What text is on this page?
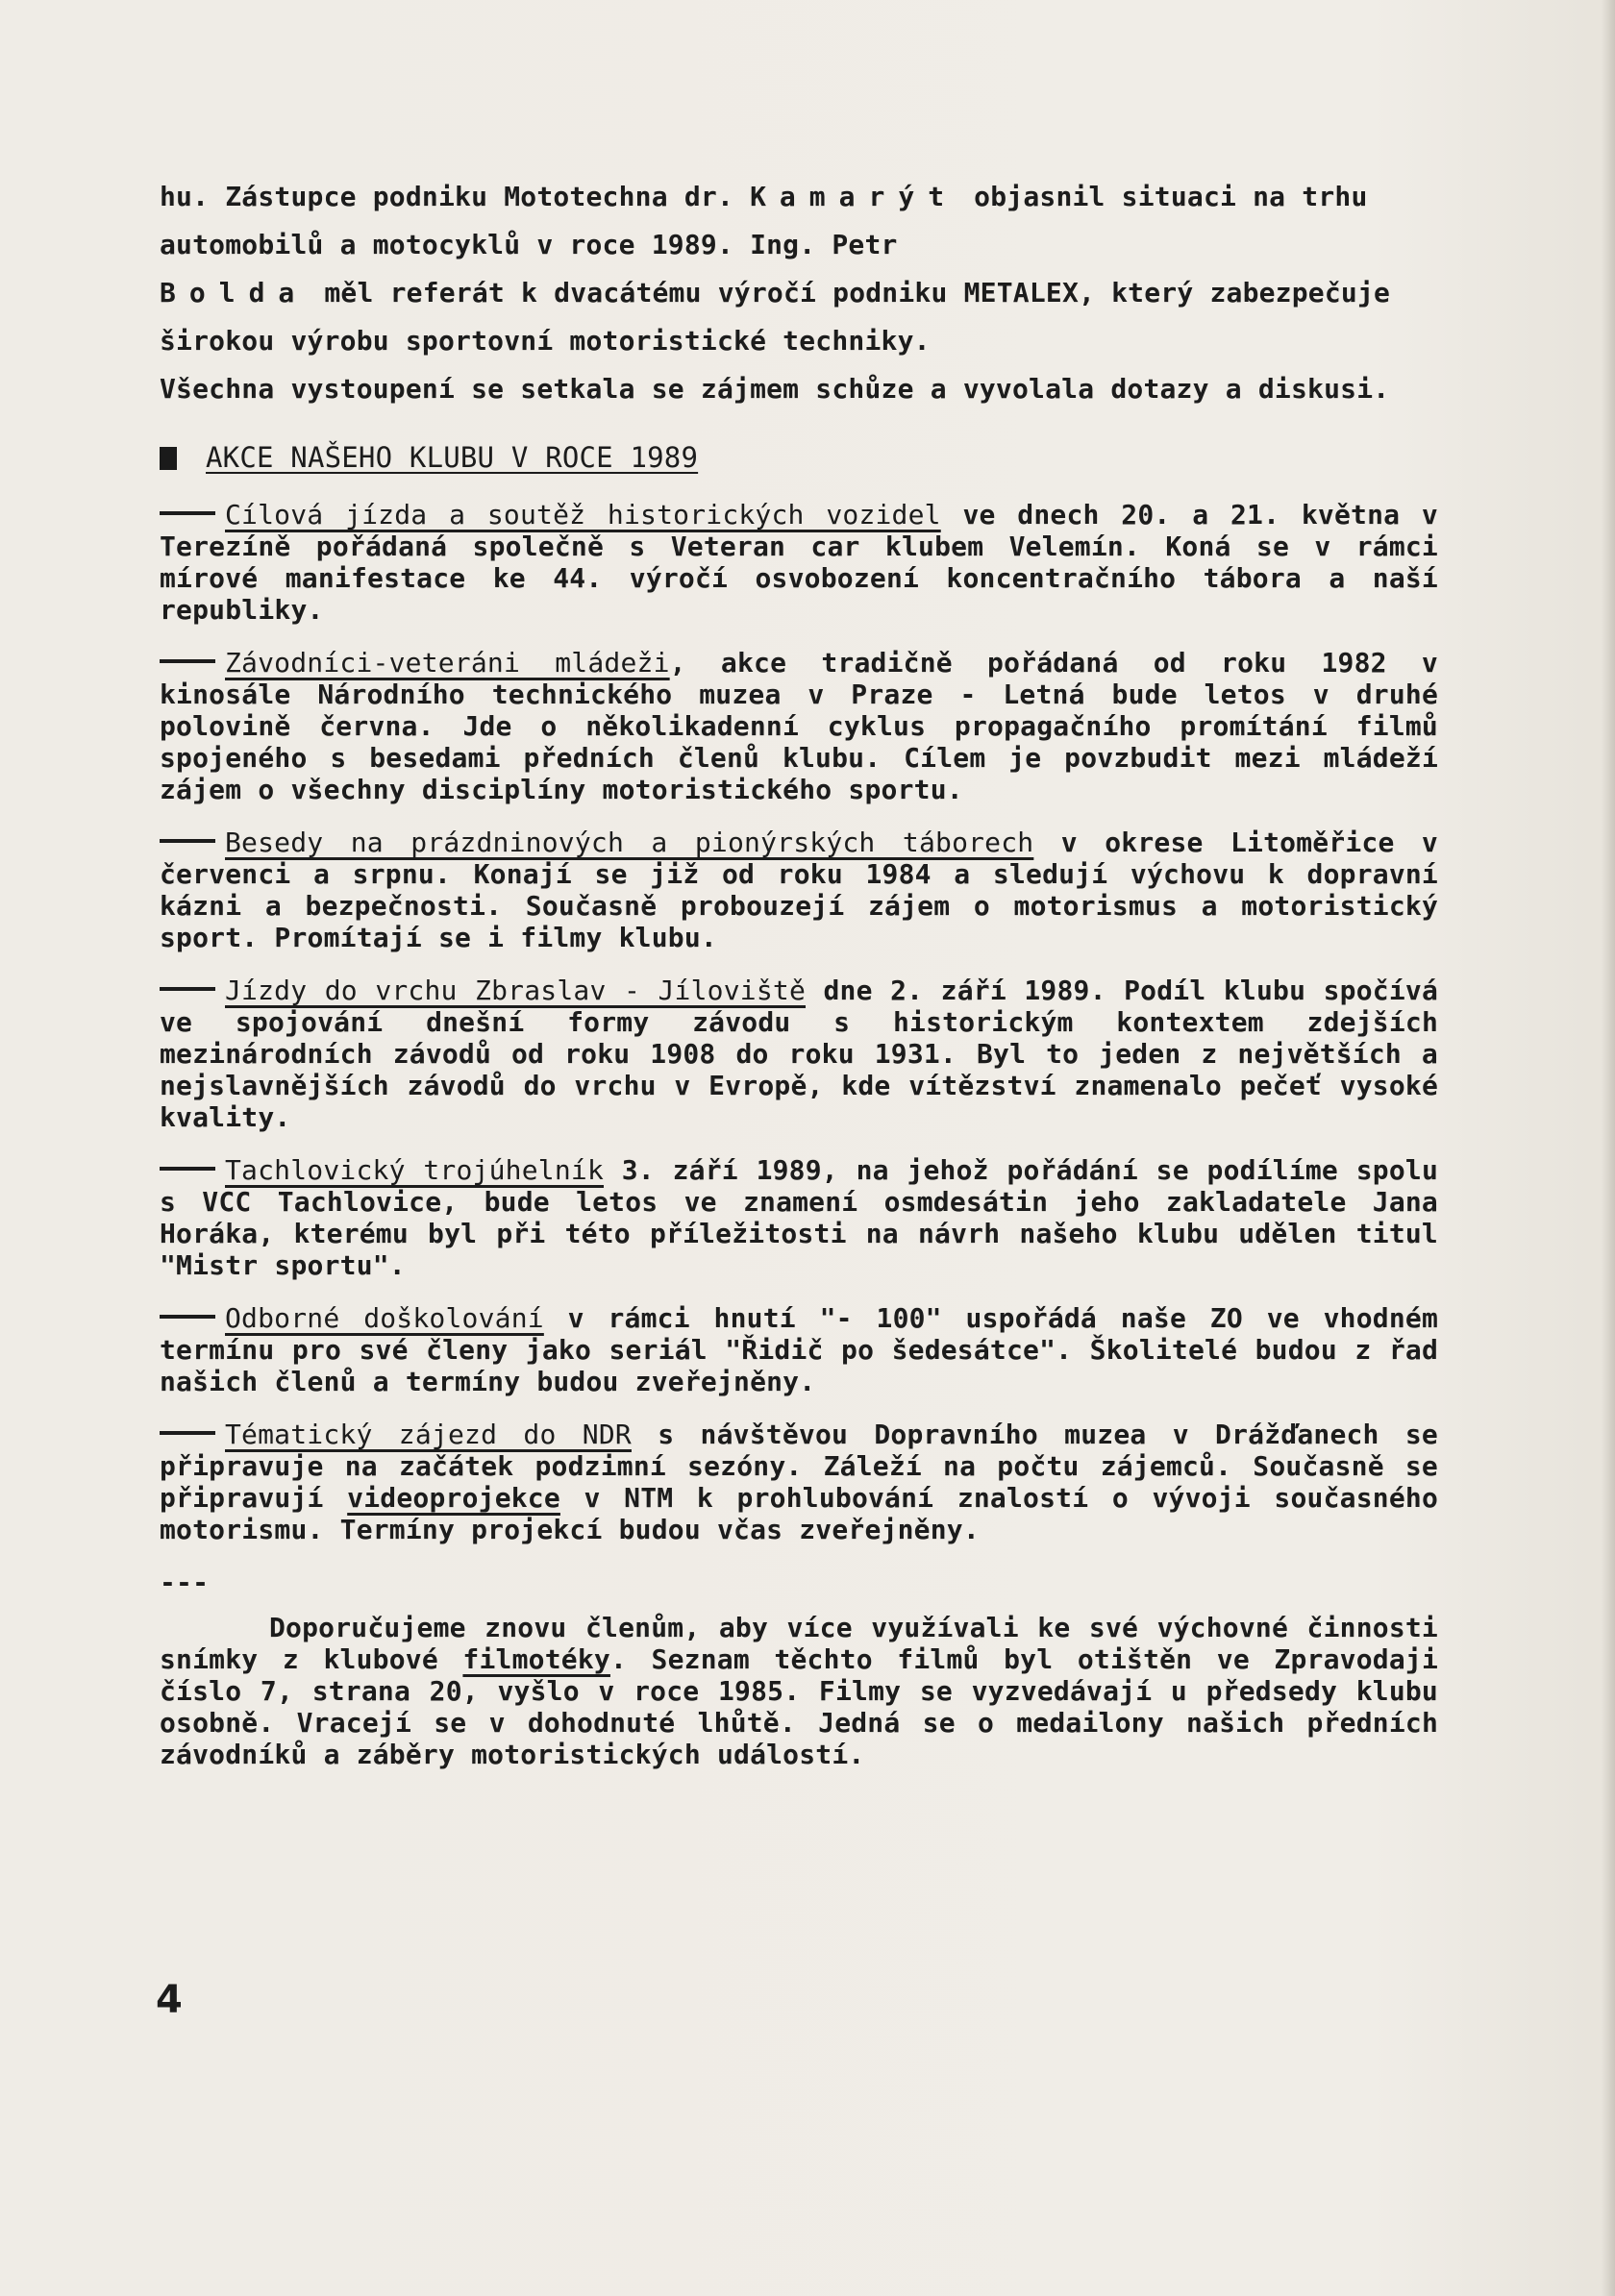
hu. Zástupce podniku Mototechna dr. Kamarýt objasnil situaci na trhu automobilů a motocyklů v roce 1989. Ing. Petr

Bolda měl referát k dvacátému výročí podniku METALEX, který zabezpečuje širokou výrobu sportovní motoristické techniky.

Všechna vystoupení se setkala se zájmem schůze a vyvolala dotazy a diskusi.

AKCE NAŠEHO KLUBU V ROCE 1989

Cílová jízda a soutěž historických vozidel ve dnech 20. a 21. května v Terezíně pořádaná společně s Veteran car klubem Velemín. Koná se v rámci mírové manifestace ke 44. výročí osvobození koncentračního tábora a naší republiky.

Závodníci-veteráni mládeži, akce tradičně pořádaná od roku 1982 v kinosále Národního technického muzea v Praze - Letná bude letos v druhé polovině června. Jde o několikadenní cyklus propagačního promítání filmů spojeného s besedami předních členů klubu. Cílem je povzbudit mezi mládeží zájem o všechny disciplíny motoristického sportu.

Besedy na prázdninových a pionýrských táborech v okrese Litoměřice v červenci a srpnu. Konají se již od roku 1984 a sledují výchovu k dopravní kázni a bezpečnosti. Současně probouzejí zájem o motorismus a motoristický sport. Promítají se i filmy klubu.

Jízdy do vrchu Zbraslav - Jíloviště dne 2. září 1989. Podíl klubu spočívá ve spojování dnešní formy závodu s historickým kontextem zdejších mezinárodních závodů od roku 1908 do roku 1931. Byl to jeden z největších a nejslavnějších závodů do vrchu v Evropě, kde vítězství znamenalo pečeť vysoké kvality.

Tachlovický trojúhelník 3. září 1989, na jehož pořádání se podílíme spolu s VCC Tachlovice, bude letos ve znamení osmdesátin jeho zakladatele Jana Horáka, kterému byl při této příležitosti na návrh našeho klubu udělen titul "Mistr sportu".

Odborné doškolování v rámci hnutí "- 100" uspořádá naše ZO ve vhodném termínu pro své členy jako seriál "Řidič po šedesátce". Školitelé budou z řad našich členů a termíny budou zveřejněny.

Tématický zájezd do NDR s návštěvou Dopravního muzea v Drážďanech se připravuje na začátek podzimní sezóny. Záleží na počtu zájemců. Současně se připravují videoprojekce v NTM k prohlubování znalostí o vývoji současného motorismu. Termíny projekcí budou včas zveřejněny.

---

Doporučujeme znovu členům, aby více využívali ke své výchovné činnosti snímky z klubové filmotéky. Seznam těchto filmů byl otištěn ve Zpravodaji číslo 7, strana 20, vyšlo v roce 1985. Filmy se vyzvedávají u předsedy klubu osobně. Vracejí se v dohodnuté lhůtě. Jedná se o medailony našich předních závodníků a záběry motoristických událostí.

4
